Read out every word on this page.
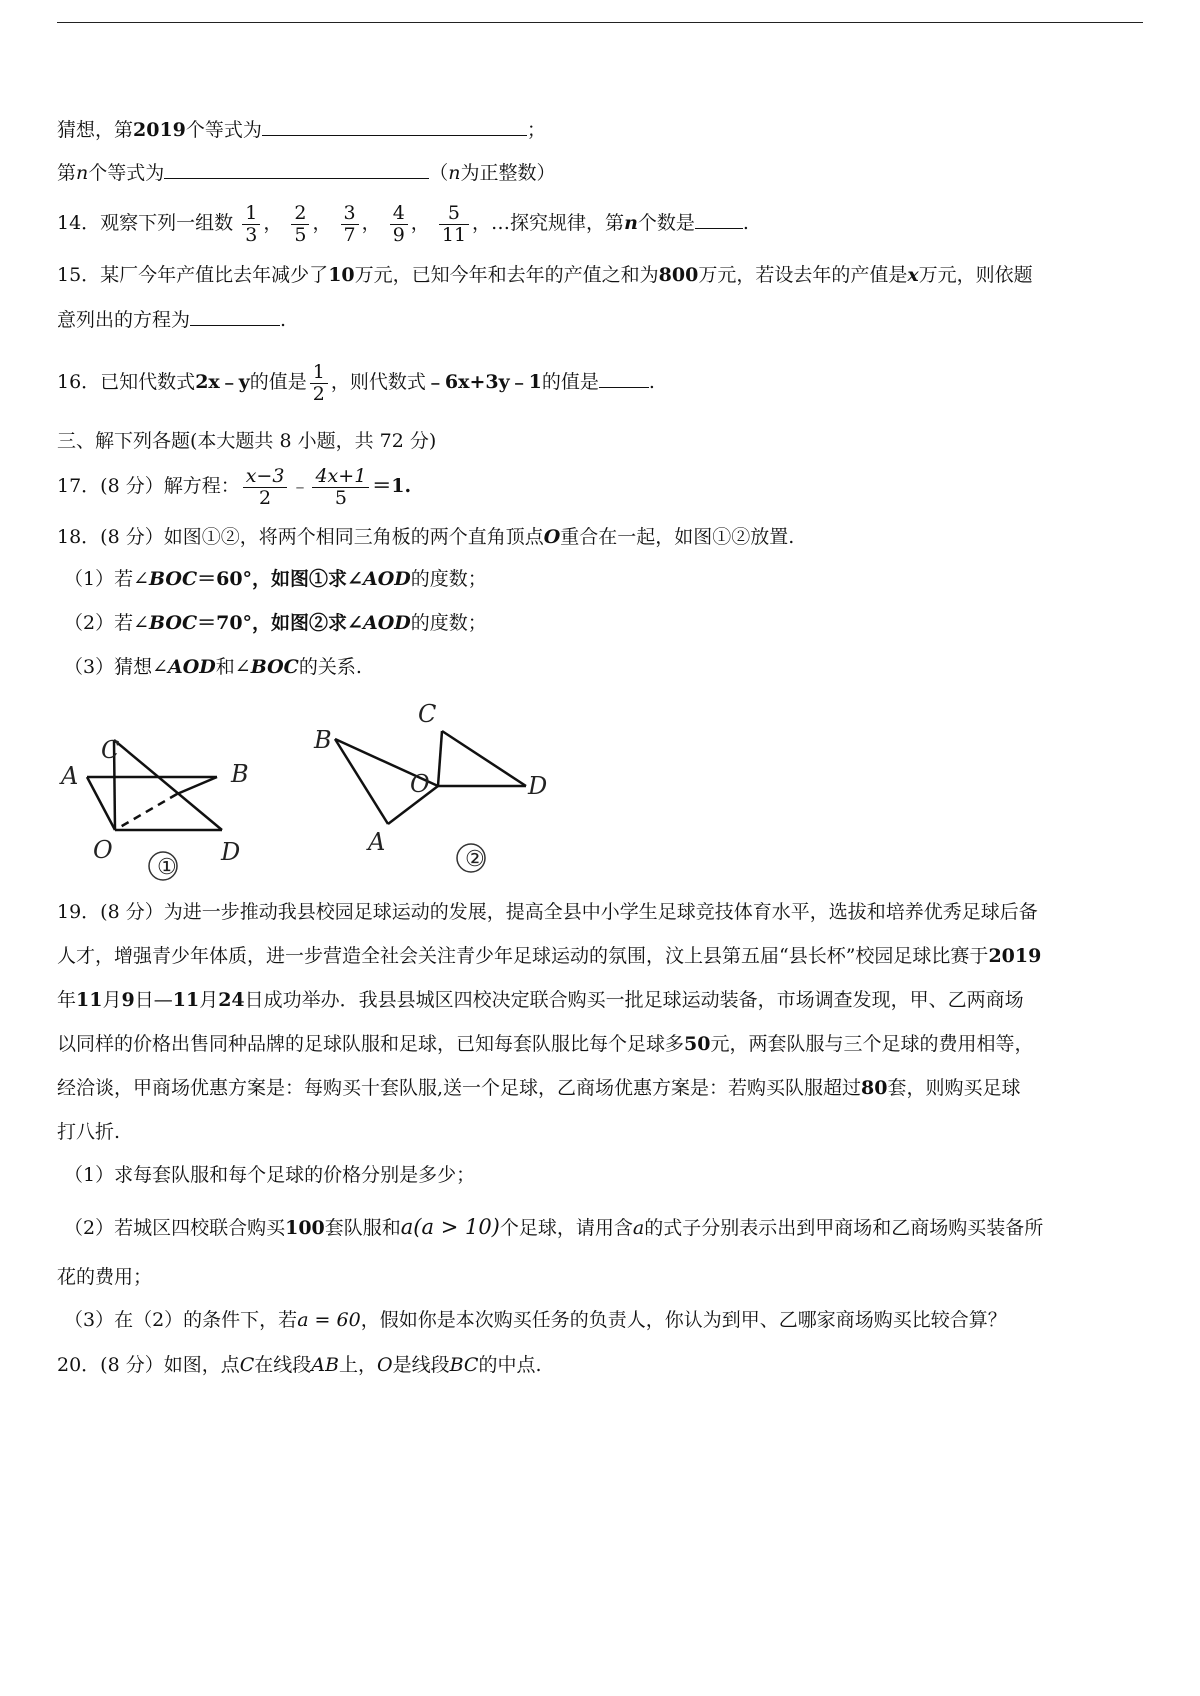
猜想，第2019个等式为	；
第n个等式为	（n为正整数）
14．观察下列一组数 $\frac{1}{3}$ ， $\frac{2}{5}$ ， $\frac{3}{7}$ ， $\frac{4}{9}$ ， $\frac{5}{11}$ ，…探究规律，第n个数是	.
15．某厂今年产值比去年减少了10万元，已知今年和去年的产值之和为800万元，若设去年的产值是x万元，则依题
意列出的方程为	.
16．已知代数式2x﹣y的值是 $\frac{1}{2}$ ，则代数式﹣6x+3y﹣1的值是	.
三、解下列各题(本大题共 8 小题，共 72 分)
17．(8 分）解方程： $\frac{x-3}{2}$ ﹣ $\frac{4x+1}{5} =1$.
18．(8 分）如图①②，将两个相同三角板的两个直角顶点O重合在一起，如图①②放置.
（1）若∠BOC＝60°，如图①求∠AOD的度数；
（2）若∠BOC＝70°，如图②求∠AOD的度数；
（3）猜想∠AOD和∠BOC的关系.
A	B
C
O	D
①
B
C
O	D
A
②
19．(8 分）为进一步推动我县校园足球运动的发展，提高全县中小学生足球竞技体育水平，选拔和培养优秀足球后备
人才，增强青少年体质，进一步营造全社会关注青少年足球运动的氛围，汶上县第五届“县长杯”校园足球比赛于2019
年11月9日—11月24日成功举办．我县县城区四校决定联合购买一批足球运动装备，市场调查发现，甲、乙两商场
以同样的价格出售同种品牌的足球队服和足球，已知每套队服比每个足球多50元，两套队服与三个足球的费用相等，
经洽谈，甲商场优惠方案是：每购买十套队服,送一个足球，乙商场优惠方案是：若购买队服超过80套，则购买足球
打八折.
（1）求每套队服和每个足球的价格分别是多少；
（2）若城区四校联合购买100套队服和a(a > 10)个足球，请用含a的式子分别表示出到甲商场和乙商场购买装备所
花的费用；
（3）在（2）的条件下，若a = 60，假如你是本次购买任务的负责人，你认为到甲、乙哪家商场购买比较合算？
20．(8 分）如图，点C在线段AB上，O是线段BC的中点.
